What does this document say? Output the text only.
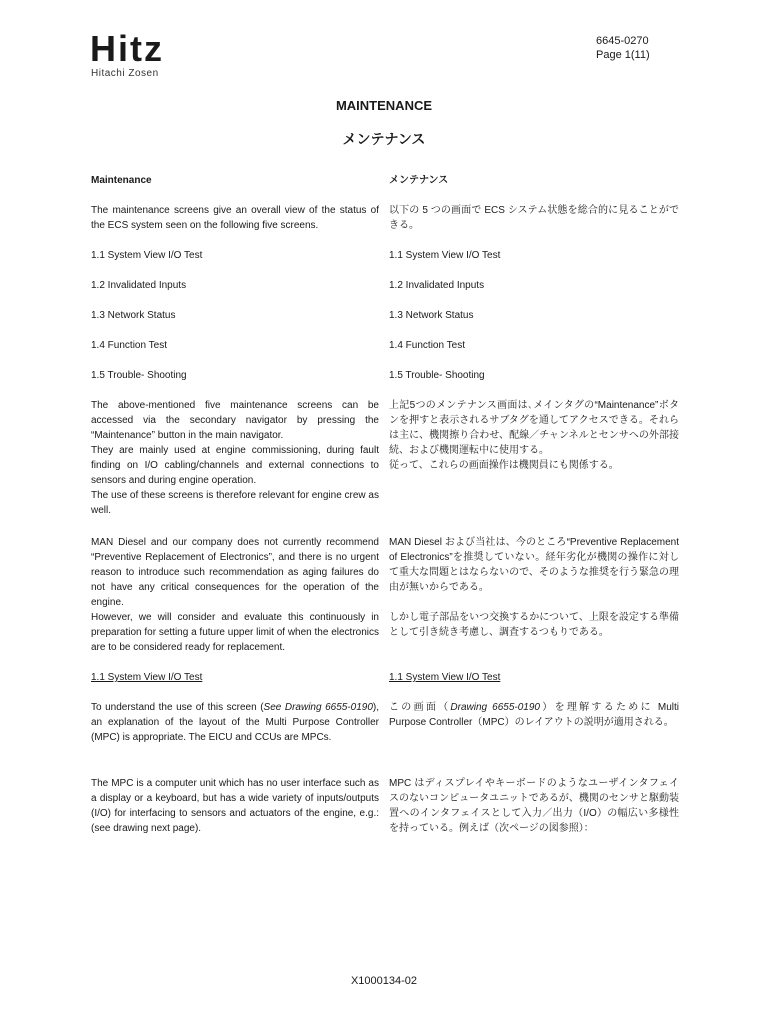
Hitz
Hitachi Zosen
6645-0270
Page 1(11)
MAINTENANCE
メンテナンス
Maintenance
The maintenance screens give an overall view of the status of the ECS system seen on the following five screens.
1.1 System View I/O Test
1.2 Invalidated Inputs
1.3 Network Status
1.4 Function Test
1.5 Trouble- Shooting

The above-mentioned five maintenance screens can be accessed via the secondary navigator by pressing the “Maintenance” button in the main navigator.

They are mainly used at engine commissioning, during fault finding on I/O cabling/channels and external connections to sensors and during engine operation.

The use of these screens is therefore relevant for engine crew as well.

MAN Diesel and our company does not currently recommend “Preventive Replacement of Electronics”, and there is no urgent reason to introduce such recommendation as aging failures do not have any critical consequences for the operation of the engine.

However, we will consider and evaluate this continuously in preparation for setting a future upper limit of when the electronics are to be considered ready for replacement.

1.1 System View I/O Test
To understand the use of this screen (See Drawing 6655-0190), an explanation of the layout of the Multi Purpose Controller (MPC) is appropriate. The EICU and CCUs are MPCs.
The MPC is a computer unit which has no user interface such as a display or a keyboard, but has a wide variety of inputs/outputs (I/O) for interfacing to sensors and actuators of the engine, e.g.: (see drawing next page).
メンテナンス
以下の 5 つの画面で ECS システム状態を総合的に見ることができる。
1.1 System View I/O Test
1.2 Invalidated Inputs
1.3 Network Status
1.4 Function Test
1.5 Trouble- Shooting

上記5つのメンテナンス画面は､メインタグの“Maintenance”ボタンを押すと表示されるサブタグを通してアクセスできる。それらは主に、機関擦り合わせ、配線／チャンネルとセンサへの外部接続、および機関運転中に使用する。

従って、これらの画面操作は機関員にも関係する。

MAN Diesel および当社は、今のところ“Preventive Replacement of Electronics”を推奨していない。経年劣化が機関の操作に対して重大な問題とはならないので、そのような推奨を行う緊急の理由が無いからである。
しかし電子部品をいつ交換するかについて、上限を設定する準備として引き続き考慮し、調査するつもりである。
1.1 System View I/O Test
この画面（Drawing 6655-0190）を理解するために Multi Purpose Controller（MPC）のレイアウトの説明が適用される。
MPC はディスプレイやキーボードのようなユーザインタフェイスのないコンピュータユニットであるが、機関のセンサと駆動装置へのインタフェイスとして入力／出力（I/O）の幅広い多様性を持っている。例えば（次ページの図参照）：
X1000134-02
